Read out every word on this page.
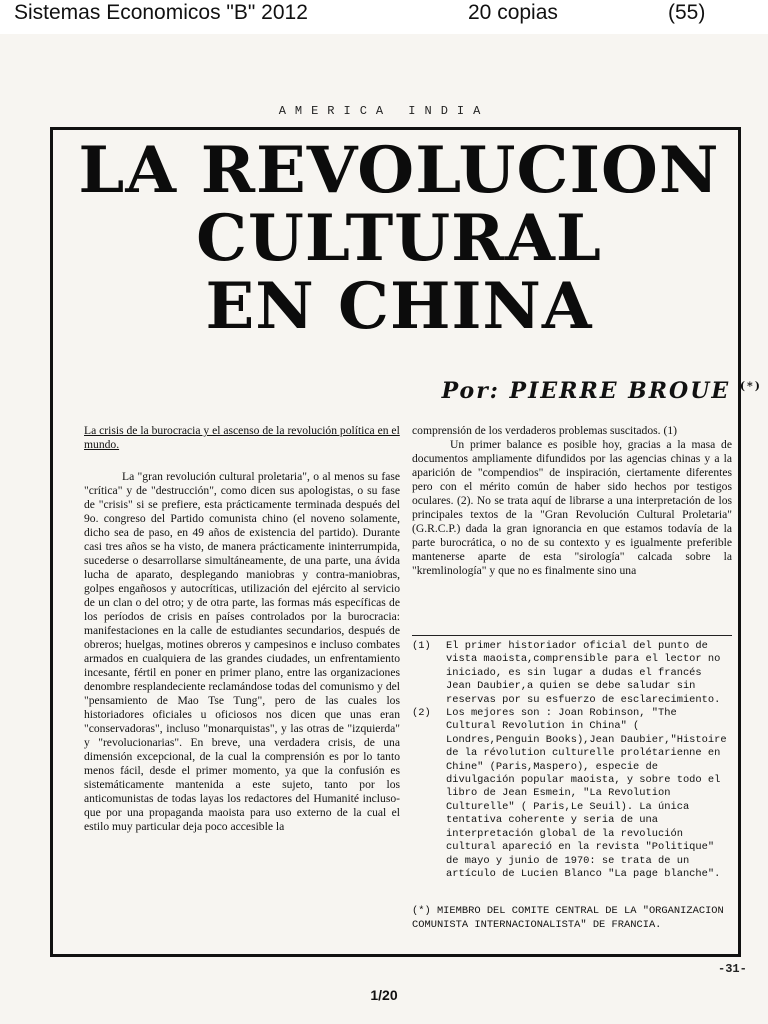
Sistemas Economicos "B" 2012	20 copias	(55)
AMERICA INDIA
LA REVOLUCION
CULTURAL
EN CHINA
Por: PIERRE BROUE (*)

La crisis de la burocracia y el ascenso de la revolución política en el mundo.

La "gran revolución cultural proletaria", o al menos su fase "crítica" y de "destrucción", como dicen sus apologistas, o su fase de "crisis" si se prefiere, esta prácticamente terminada después del 9o. congreso del Partido comunista chino (el noveno solamente, dicho sea de paso, en 49 años de existencia del partido). Durante casi tres años se ha visto, de manera prácticamente ininterrumpida, sucederse o desarrollarse simultáneamente, de una parte, una ávida lucha de aparato, desplegando maniobras y contra-maniobras, golpes engañosos y autocríticas, utilización del ejército al servicio de un clan o del otro; y de otra parte, las formas más específicas de los períodos de crisis en países controlados por la burocracia: manifestaciones en la calle de estudiantes secundarios, después de obreros; huelgas, motines obreros y campesinos e incluso combates armados en cualquiera de las grandes ciudades, un enfrentamiento incesante, fértil en poner en primer plano, entre las organizaciones denombre resplandeciente reclamándose todas del comunismo y del "pensamiento de Mao Tse Tung", pero de las cuales los historiadores oficiales u oficiosos nos dicen que unas eran "conservadoras", incluso "monarquistas", y las otras de "izquierda" y "revolucionarias". En breve, una verdadera crisis, de una dimensión excepcional, de la cual la comprensión es por lo tanto menos fácil, desde el primer momento, ya que la confusión es sistemáticamente mantenida a este sujeto, tanto por los anticomunistas de todas layas los redactores del Humanité incluso-que por una propaganda maoista para uso externo de la cual el estilo muy particular deja poco accesible la

comprensión de los verdaderos problemas suscitados. (1)

Un primer balance es posible hoy, gracias a la masa de documentos ampliamente difundidos por las agencias chinas y a la aparición de "compendios" de inspiración, ciertamente diferentes pero con el mérito común de haber sido hechos por testigos oculares. (2). No se trata aquí de librarse a una interpretación de los principales textos de la "Gran Revolución Cultural Proletaria"(G.R.C.P.) dada la gran ignorancia en que estamos todavía de la parte burocrática, o no de su contexto y es igualmente preferible mantenerse aparte de esta "sirología" calcada sobre la "kremlinología" y que no es finalmente sino una

(1)	El primer historiador oficial del punto de vista maoista,comprensible para el lector no iniciado, es sin lugar a dudas el francés Jean Daubier,a quien se debe saludar sin reservas por su esfuerzo de esclarecimiento.
(2)	Los mejores son : Joan Robinson, "The Cultural Revolution in China" ( Londres,Penguin Books),Jean Daubier,"Histoire de la révolution culturelle prolétarienne en Chine" (Paris,Maspero), especie de divulgación popular maoista, y sobre todo el libro de Jean Esmein, "La Revolution Culturelle" ( Paris,Le Seuil). La única tentativa coherente y seria de una interpretación global de la revolución cultural apareció en la revista "Politique" de mayo y junio de 1970: se trata de un artículo de Lucien Blanco "La page blanche".
(*) MIEMBRO DEL COMITE CENTRAL DE LA "ORGANIZACION COMUNISTA INTERNACIONALISTA" DE FRANCIA.
-31-
1/20
